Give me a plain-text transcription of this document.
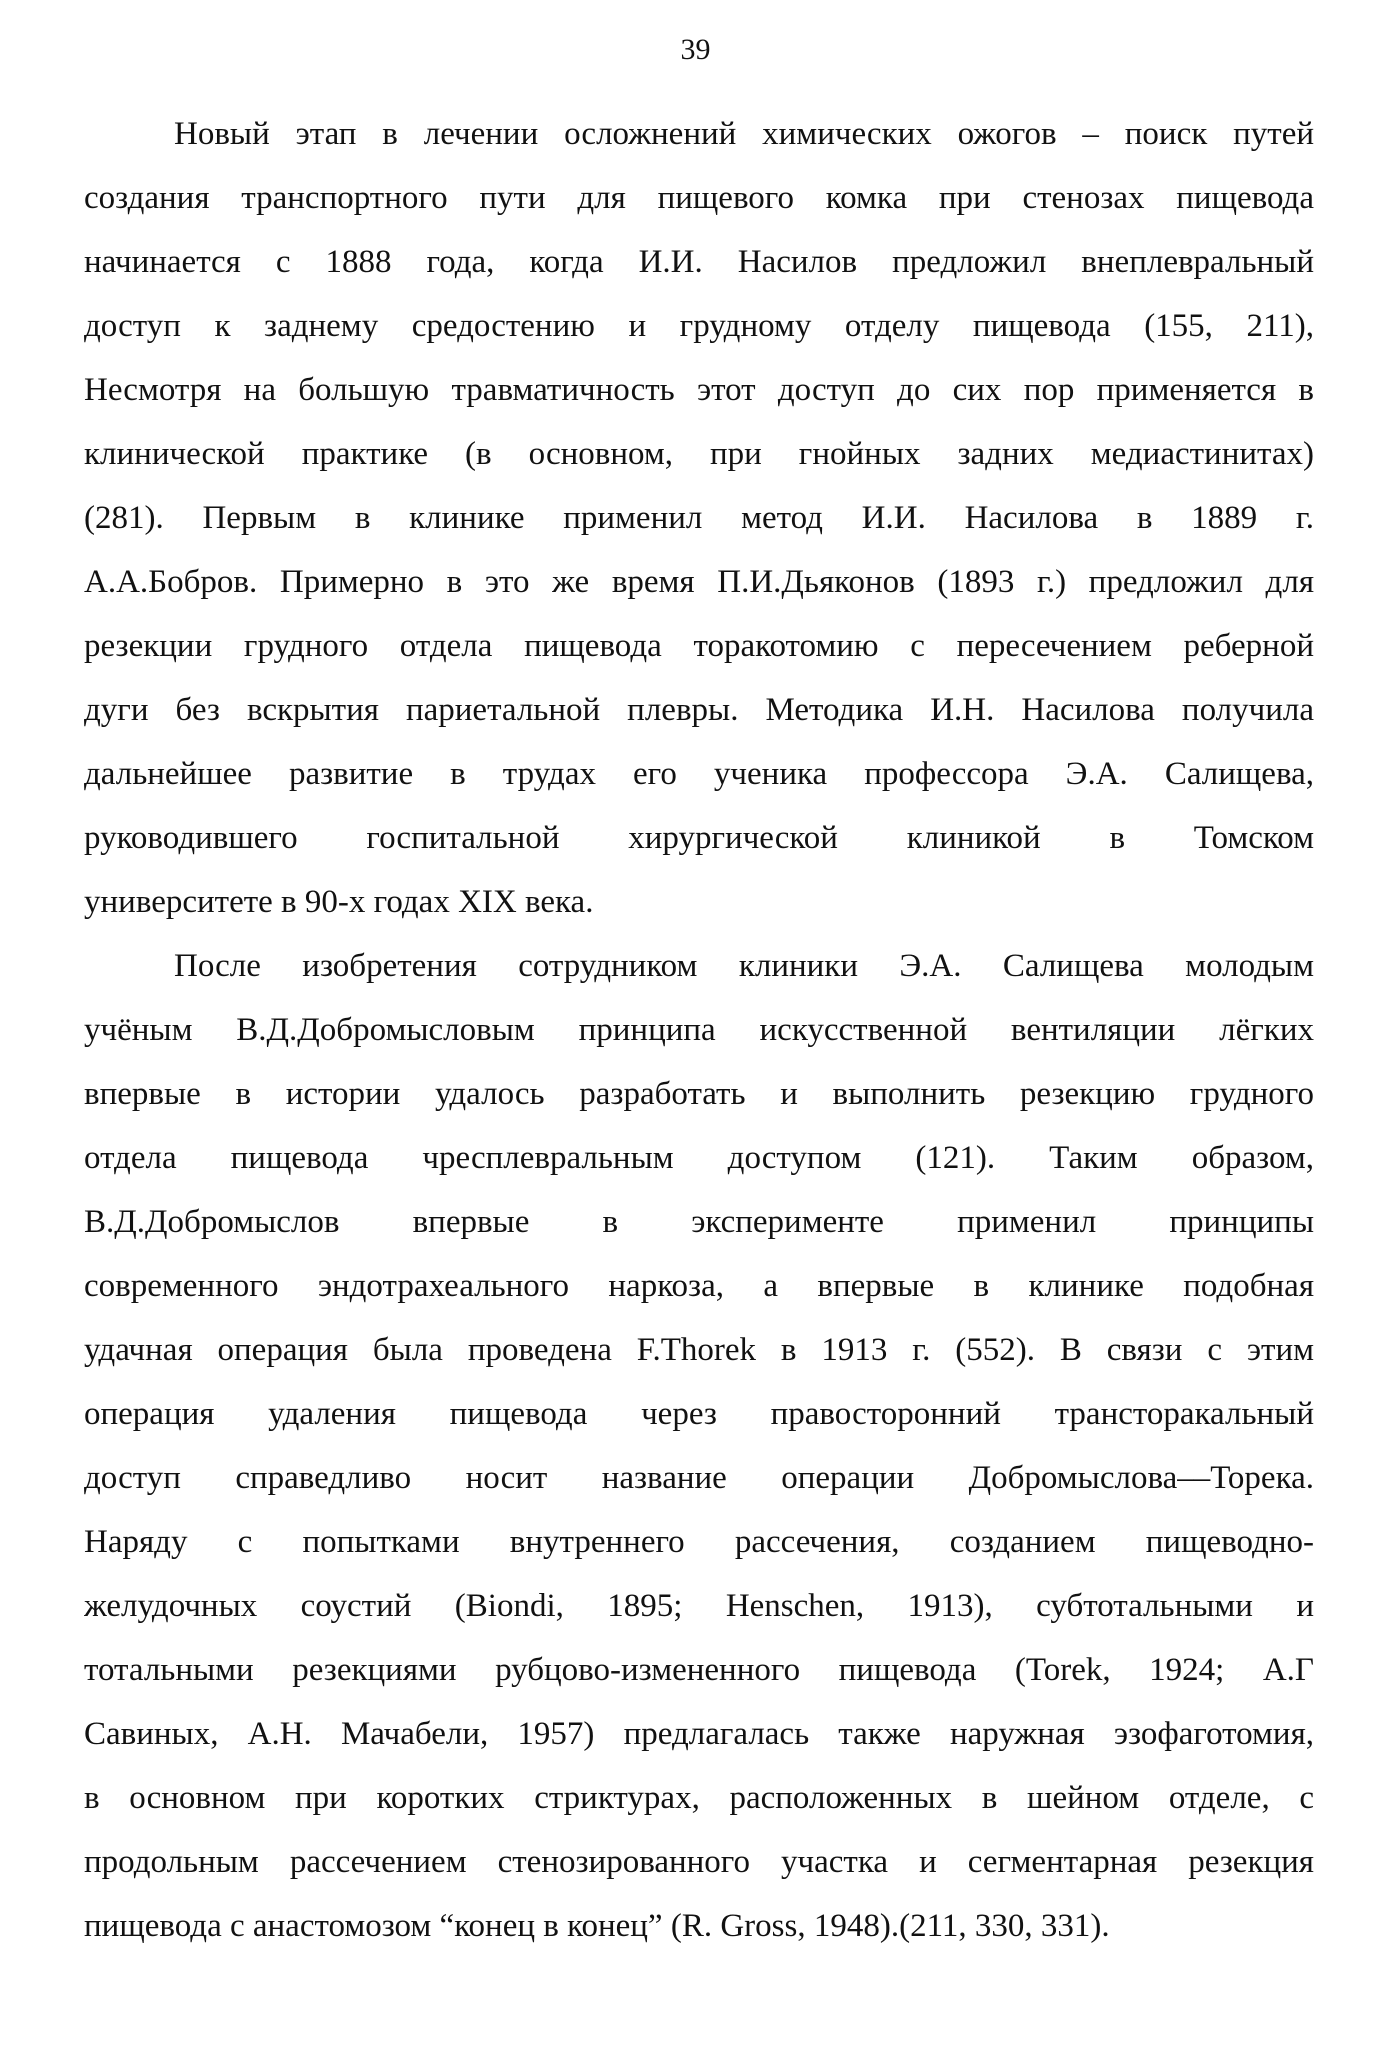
39
Новый этап в лечении осложнений химических ожогов – поиск путей
создания транспортного пути для пищевого комка при стенозах пищевода
начинается с 1888 года, когда И.И. Насилов предложил внеплевральный
доступ к заднему средостению и грудному отделу пищевода (155, 211),
Несмотря на большую травматичность этот доступ до сих пор применяется в
клинической практике (в основном, при гнойных задних медиастинитах)
(281). Первым в клинике применил метод И.И. Насилова в 1889 г.
А.А.Бобров. Примерно в это же время П.И.Дьяконов (1893 г.) предложил для
резекции грудного отдела пищевода торакотомию с пересечением реберной
дуги без вскрытия париетальной плевры. Методика И.Н. Насилова получила
дальнейшее развитие в трудах его ученика профессора Э.А. Салищева,
руководившего госпитальной хирургической клиникой в Томском
университете в 90-х годах XIX века.
После изобретения сотрудником клиники Э.А. Салищева молодым
учёным В.Д.Добромысловым принципа искусственной вентиляции лёгких
впервые в истории удалось разработать и выполнить резекцию грудного
отдела пищевода чресплевральным доступом (121). Таким образом,
В.Д.Добромыслов впервые в эксперименте применил принципы
современного эндотрахеального наркоза, а впервые в клинике подобная
удачная операция была проведена F.Thorek в 1913 г. (552). В связи с этим
операция удаления пищевода через правосторонний трансторакальный
доступ справедливо носит название операции Добромыслова––Торека.
Наряду с попытками внутреннего рассечения, созданием пищеводно-
желудочных соустий (Biondi, 1895; Henschen, 1913), субтотальными и
тотальными резекциями рубцово-измененного пищевода (Torek, 1924; А.Г
Савиных, А.Н. Мачабели, 1957) предлагалась также наружная эзофаготомия,
в основном при коротких стриктурах, расположенных в шейном отделе, с
продольным рассечением стенозированного участка и сегментарная резекция
пищевода с анастомозом “конец в конец” (R. Gross, 1948).(211, 330, 331).
